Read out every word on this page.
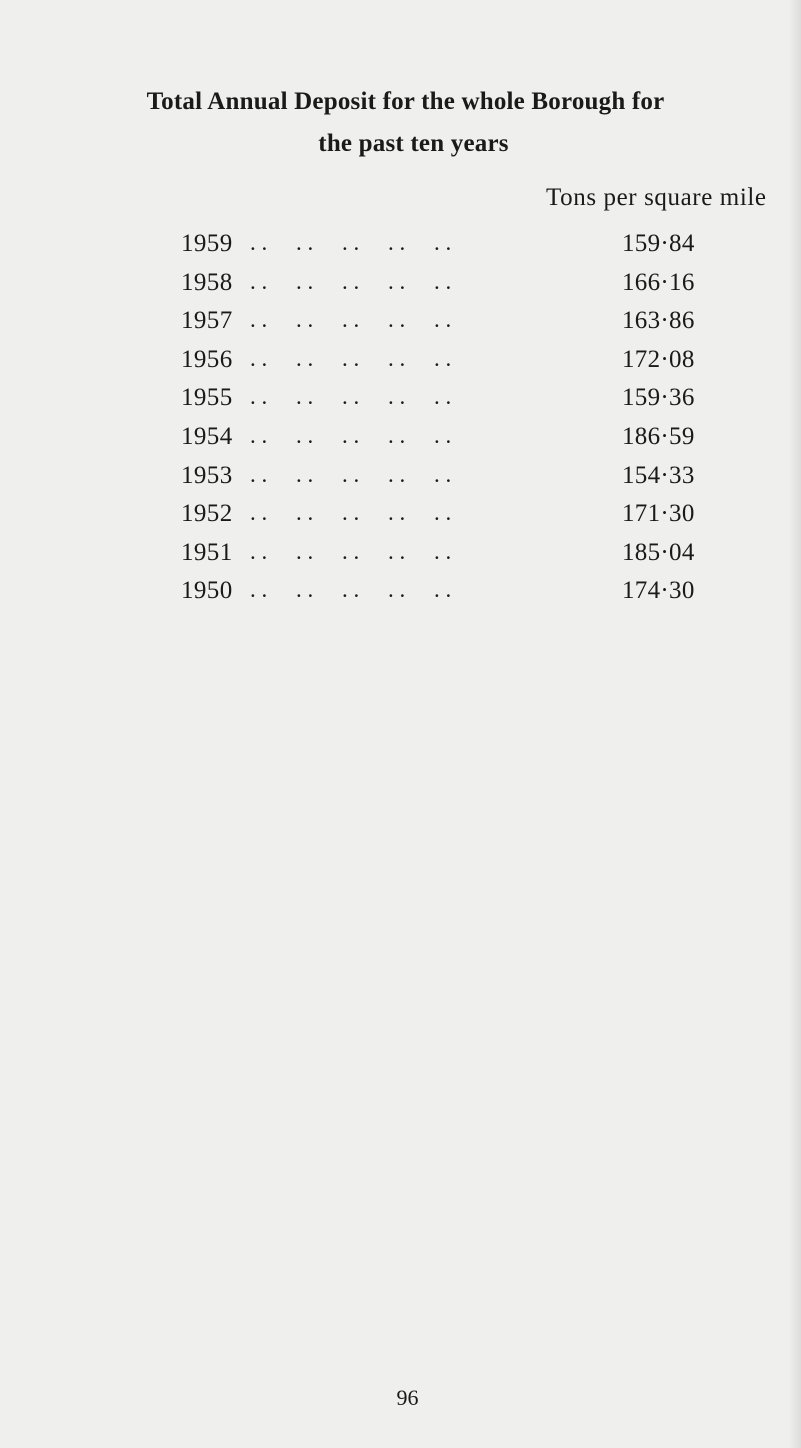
Total Annual Deposit for the whole Borough for
the past ten years
Tons per square mile
1959 . .     . .     . .     . .     . .	159·84
1958 . .     . .     . .     . .     . .	166·16
1957 . .     . .     . .     . .     . .	163·86
1956 . .     . .     . .     . .     . .	172·08
1955 . .     . .     . .     . .     . .	159·36
1954 . .     . .     . .     . .     . .	186·59
1953 . .     . .     . .     . .     . .	154·33
1952 . .     . .     . .     . .     . .	171·30
1951 . .     . .     . .     . .     . .	185·04
1950 . .     . .     . .     . .     . .	174·30
96
